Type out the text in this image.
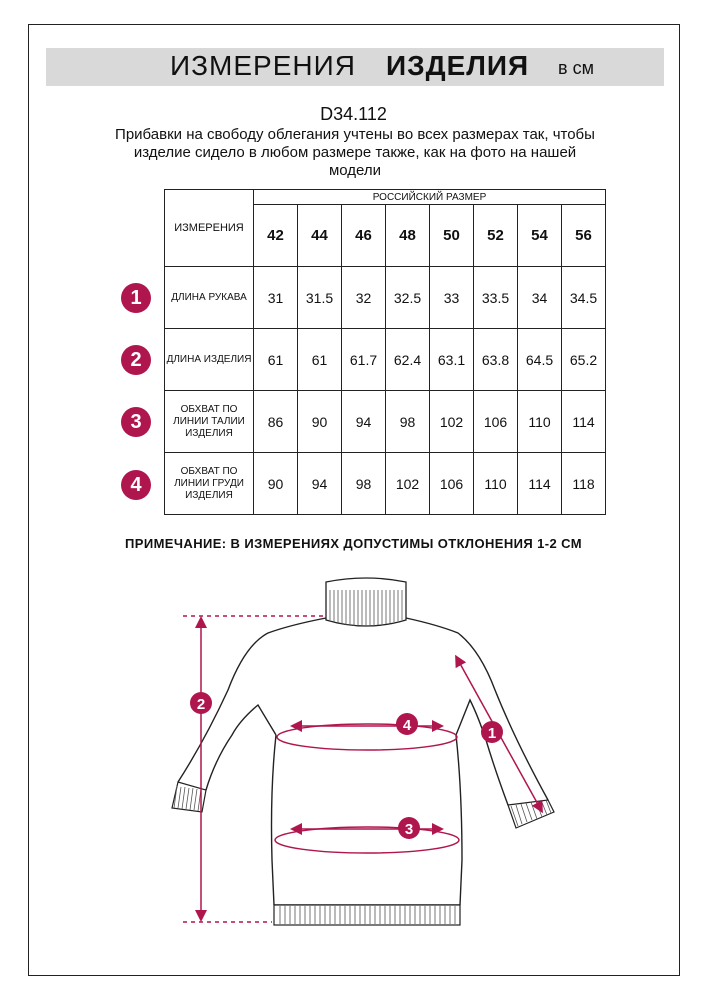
ИЗМЕРЕНИЯ ИЗДЕЛИЯ в см
D34.112
Прибавки на свободу облегания учтены во всех размерах так, чтобы изделие сидело в любом размере также, как на фото на нашей модели
ИЗМЕРЕНИЯ	РОССИЙСКИЙ РАЗМЕР							
	42	44	46	48	50	52	54	56
ДЛИНА РУКАВА	31	31.5	32	32.5	33	33.5	34	34.5
ДЛИНА ИЗДЕЛИЯ	61	61	61.7	62.4	63.1	63.8	64.5	65.2
ОБХВАТ ПО ЛИНИИ ТАЛИИ ИЗДЕЛИЯ	86	90	94	98	102	106	110	114
ОБХВАТ ПО ЛИНИИ ГРУДИ ИЗДЕЛИЯ	90	94	98	102	106	110	114	118
1
2
3
4
ПРИМЕЧАНИЕ: В ИЗМЕРЕНИЯХ ДОПУСТИМЫ ОТКЛОНЕНИЯ 1-2 СМ
2
4
3
1
